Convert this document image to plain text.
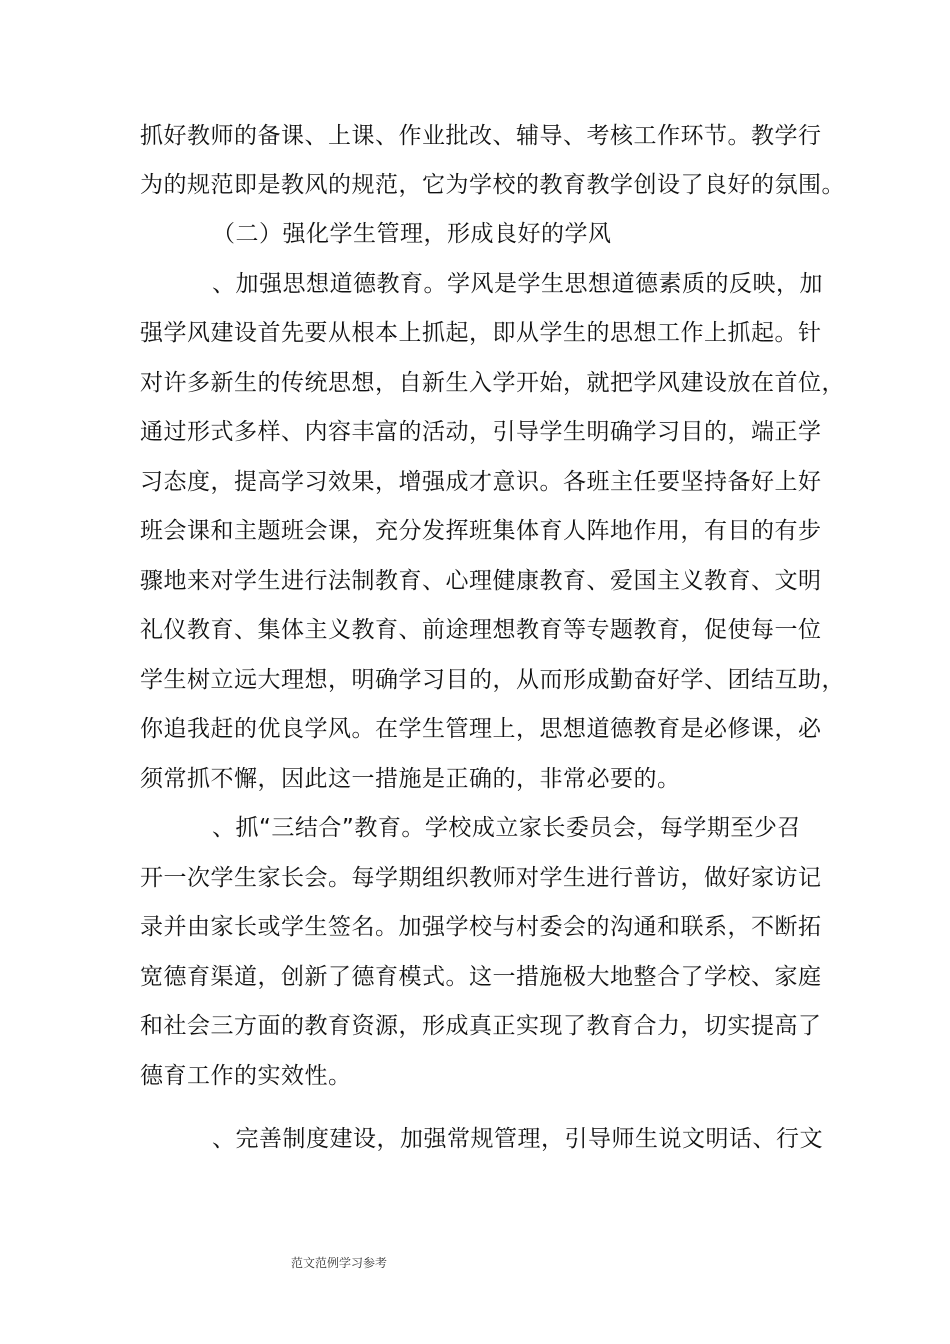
抓好教师的备课、上课、作业批改、辅导、考核工作环节。教学行
为的规范即是教风的规范，它为学校的教育教学创设了良好的氛围。
（二）强化学生管理，形成良好的学风
、加强思想道德教育。学风是学生思想道德素质的反映，加
强学风建设首先要从根本上抓起，即从学生的思想工作上抓起。针
对许多新生的传统思想，自新生入学开始，就把学风建设放在首位，
通过形式多样、内容丰富的活动，引导学生明确学习目的，端正学
习态度，提高学习效果，增强成才意识。各班主任要坚持备好上好
班会课和主题班会课，充分发挥班集体育人阵地作用，有目的有步
骤地来对学生进行法制教育、心理健康教育、爱国主义教育、文明
礼仪教育、集体主义教育、前途理想教育等专题教育，促使每一位
学生树立远大理想，明确学习目的，从而形成勤奋好学、团结互助，
你追我赶的优良学风。在学生管理上，思想道德教育是必修课，必
须常抓不懈，因此这一措施是正确的，非常必要的。
、抓“三结合”教育。学校成立家长委员会，每学期至少召
开一次学生家长会。每学期组织教师对学生进行普访，做好家访记
录并由家长或学生签名。加强学校与村委会的沟通和联系，不断拓
宽德育渠道，创新了德育模式。这一措施极大地整合了学校、家庭
和社会三方面的教育资源，形成真正实现了教育合力，切实提高了
德育工作的实效性。
、完善制度建设，加强常规管理，引导师生说文明话、行文
范文范例学习参考
